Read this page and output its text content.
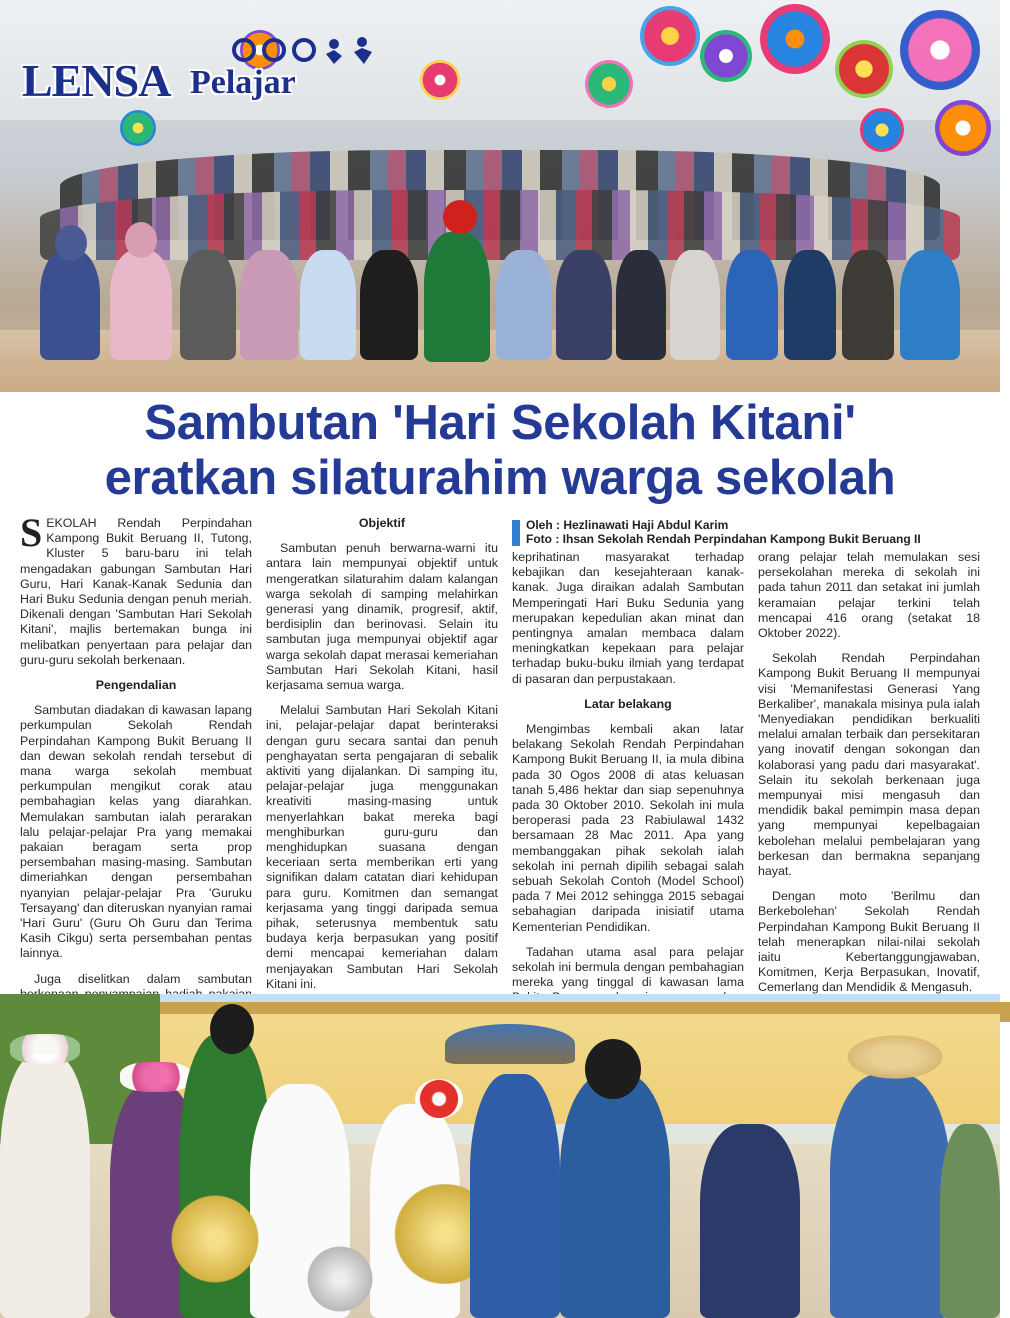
LENSA Pelajar
Sambutan 'Hari Sekolah Kitani'
eratkan silaturahim warga sekolah
Oleh : Hezlinawati Haji Abdul Karim
Foto : Ihsan Sekolah Rendah Perpindahan Kampong Bukit Beruang II

SEKOLAH Rendah Perpindahan Kampong Bukit Beruang II, Tutong, Kluster 5 baru-baru ini telah mengadakan gabungan Sambutan Hari Guru, Hari Kanak-Kanak Sedunia dan Hari Buku Sedunia dengan penuh meriah. Dikenali dengan 'Sambutan Hari Sekolah Kitani', majlis bertemakan bunga ini melibatkan penyertaan para pelajar dan guru-guru sekolah berkenaan.

Pengendalian

Sambutan diadakan di kawasan lapang perkumpulan Sekolah Rendah Perpindahan Kampong Bukit Beruang II dan dewan sekolah rendah tersebut di mana warga sekolah membuat perkumpulan mengikut corak atau pembahagian kelas yang diarahkan. Memulakan sambutan ialah perarakan lalu pelajar-pelajar Pra yang memakai pakaian beragam serta prop persembahan masing-masing. Sambutan dimeriahkan dengan persembahan nyanyian pelajar-pelajar Pra 'Guruku Tersayang' dan diteruskan nyanyian ramai 'Hari Guru' (Guru Oh Guru dan Terima Kasih Cikgu) serta persembahan pentas lainnya.

Juga diselitkan dalam sambutan

Objektif

Sambutan penuh berwarna-warni itu antara lain mempunyai objektif untuk mengeratkan silaturahim dalam kalangan warga sekolah di samping melahirkan generasi yang dinamik, progresif, aktif, berdisiplin dan berinovasi. Selain itu sambutan juga mempunyai objektif agar warga sekolah dapat merasai kemeriahan Sambutan Hari Sekolah Kitani, hasil kerjasama semua warga.

Melalui Sambutan Hari Sekolah Kitani ini, pelajar-pelajar dapat berinteraksi dengan guru secara santai dan penuh penghayatan serta pengajaran di sebalik aktiviti yang dijalankan. Di samping itu, pelajar-pelajar juga menggunakan kreativiti masing-masing untuk menyerlahkan bakat mereka bagi menghiburkan guru-guru dan menghidupkan suasana dengan keceriaan serta memberikan erti yang signifikan dalam catatan diari kehidupan para guru. Komitmen dan semangat kerjasama yang tinggi daripada semua pihak, seterusnya membentuk satu budaya kerja berpasukan yang positif demi mencapai kemeriahan dalam menjayakan Sambutan Hari Sekolah Kitani ini.

keprihatinan masyarakat terhadap kebajikan dan kesejahteraan kanak-kanak. Juga diraikan adalah Sambutan Memperingati Hari Buku Sedunia yang merupakan kepedulian akan minat dan pentingnya amalan membaca dalam meningkatkan kepekaan para pelajar terhadap buku-buku ilmiah yang terdapat di pasaran dan perpustakaan.

Latar belakang

Mengimbas kembali akan latar belakang Sekolah Rendah Perpindahan Kampong Bukit Beruang II, ia mula dibina pada 30 Ogos 2008 di atas keluasan tanah 5,486 hektar dan siap sepenuhnya pada 30 Oktober 2010. Sekolah ini mula beroperasi pada 23 Rabiulawal 1432 bersamaan 28 Mac 2011. Apa yang membanggakan pihak sekolah ialah sekolah ini pernah dipilih sebagai salah sebuah Sekolah Contoh (Model School) pada 7 Mei 2012 sehingga 2015 sebagai sebahagian daripada inisiatif utama Kementerian Pendidikan.

Tadahan utama asal para pelajar sekolah ini bermula dengan pembahagian mereka yang tinggal di kawasan lama

orang pelajar telah memulakan sesi persekolahan mereka di sekolah ini pada tahun 2011 dan setakat ini jumlah keramaian pelajar terkini telah mencapai 416 orang (setakat 18 Oktober 2022).

Sekolah Rendah Perpindahan Kampong Bukit Beruang II mempunyai visi 'Memanifestasi Generasi Yang Berkaliber', manakala misinya pula ialah 'Menyediakan pendidikan berkualiti melalui amalan terbaik dan persekitaran yang inovatif dengan sokongan dan kolaborasi yang padu dari masyarakat'. Selain itu sekolah berkenaan juga mempunyai misi mengasuh dan mendidik bakal pemimpin masa depan yang mempunyai kepelbagaian kebolehan melalui pembelajaran yang berkesan dan bermakna sepanjang hayat.

Dengan moto 'Berilmu dan Berkebolehan' Sekolah Rendah Perpindahan Kampong Bukit Beruang II telah menerapkan nilai-nilai sekolah iaitu Kebertanggungjawaban, Komitmen, Kerja Berpasukan, Inovatif, Cemerlang dan Mendidik & Mengasuh.
